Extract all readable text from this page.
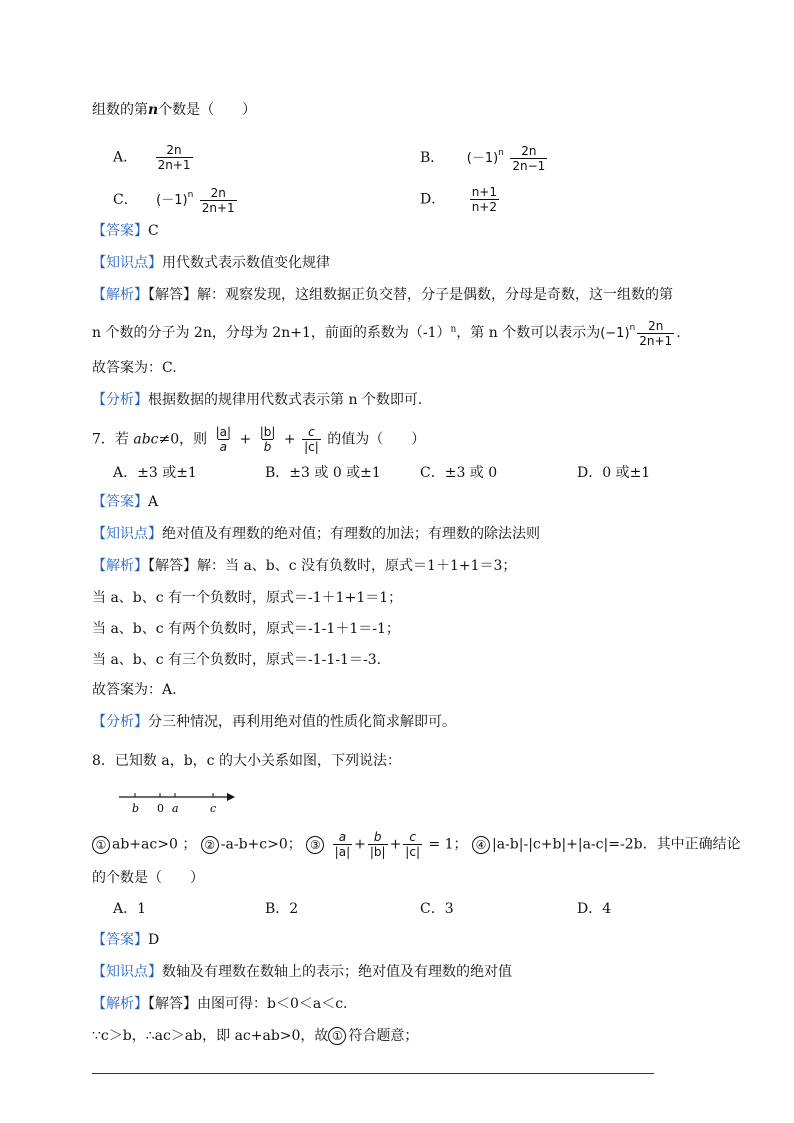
组数的第n个数是（　　）
A． $\frac{2n}{2n+1}$	B． $(-1)^n \frac{2n}{2n-1}$
C． $(-1)^n \frac{2n}{2n+1}$	D． $\frac{n+1}{n+2}$
【答案】C
【知识点】用代数式表示数值变化规律
【解析】【解答】解：观察发现，这组数据正负交替，分子是偶数，分母是奇数，这一组数的第
n 个数的分子为 2n，分母为 2n+1，前面的系数为$(-1)^n$，第 n 个数可以表示为$(-1)^n \frac{2n}{2n+1}$ .
故答案为：C.
【分析】根据数据的规律用代数式表示第 n 个数即可.
7．若 abc≠0，则 $\frac{|a|}{a} + \frac{|b|}{b} + \frac{c}{|c|}$ 的值为（　　）
A．±3 或±1	B．±3 或 0 或±1	C．±3 或 0	D．0 或±1
【答案】A
【知识点】绝对值及有理数的绝对值；有理数的加法；有理数的除法法则
【解析】【解答】解：当 a、b、c 没有负数时，原式＝1＋1+1＝3；
当 a、b、c 有一个负数时，原式＝-1＋1+1＝1；
当 a、b、c 有两个负数时，原式＝-1-1＋1＝-1；
当 a、b、c 有三个负数时，原式＝-1-1-1＝-3.
故答案为：A.
【分析】分三种情况，再利用绝对值的性质化简求解即可。
8．已知数 a，b，c 的大小关系如图，下列说法：
b 0 a	c
① ab+ac>0 ； ② -a-b+c>0； ③ $\frac{a}{|a|} + \frac{b}{|b|} + \frac{c}{|c|} = 1$； ④ |a-b|-|c+b|+|a-c|=-2b．其中正确结论
的个数是（　　）
A．1	B．2	C．3	D．4
【答案】D
【知识点】数轴及有理数在数轴上的表示；绝对值及有理数的绝对值
【解析】【解答】由图可得：b＜0＜a＜c.
∵c＞b，∴ac＞ab，即 ac+ab>0，故 ① 符合题意；
